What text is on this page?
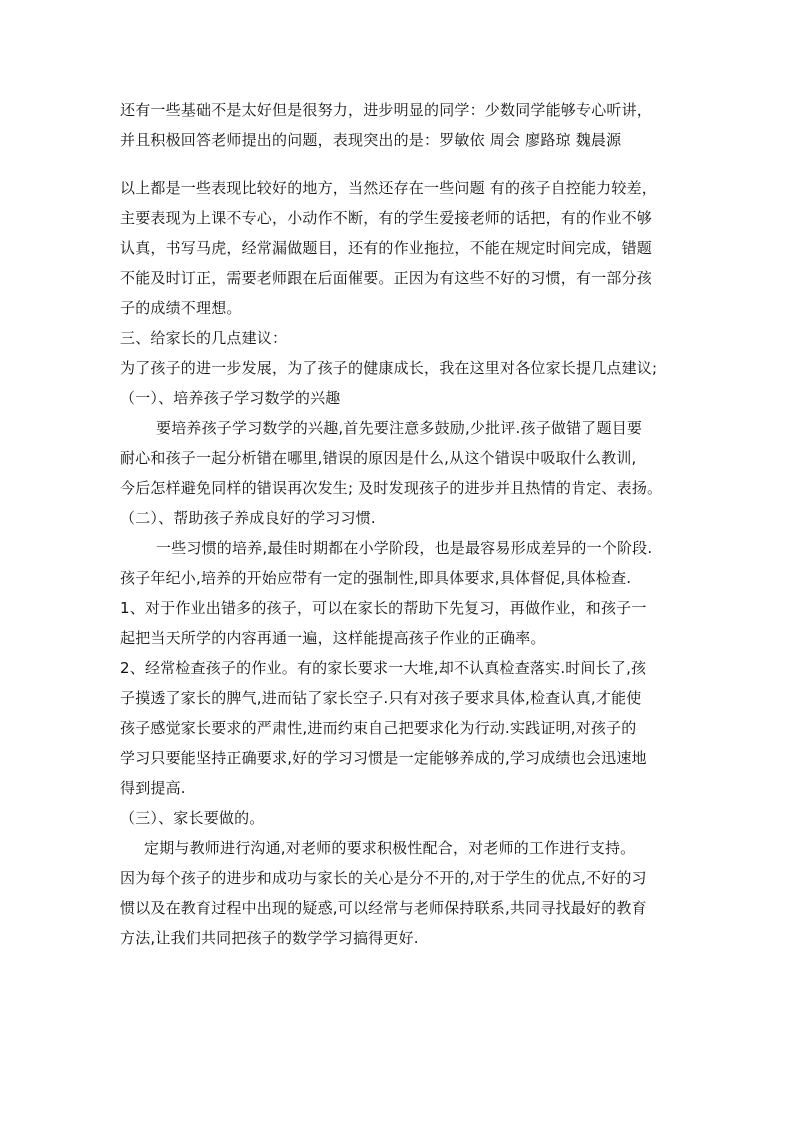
还有一些基础不是太好但是很努力，进步明显的同学：少数同学能够专心听讲，
并且积极回答老师提出的问题，表现突出的是：罗敏依 周会 廖路琼 魏晨源
以上都是一些表现比较好的地方，当然还存在一些问题 有的孩子自控能力较差，
主要表现为上课不专心，小动作不断，有的学生爱接老师的话把，有的作业不够
认真，书写马虎，经常漏做题目，还有的作业拖拉，不能在规定时间完成，错题
不能及时订正，需要老师跟在后面催要。正因为有这些不好的习惯，有一部分孩
子的成绩不理想。
三、给家长的几点建议：
为了孩子的进一步发展，为了孩子的健康成长，我在这里对各位家长提几点建议;
（一）、培养孩子学习数学的兴趣
要培养孩子学习数学的兴趣,首先要注意多鼓励,少批评.孩子做错了题目要
耐心和孩子一起分析错在哪里,错误的原因是什么,从这个错误中吸取什么教训,
今后怎样避免同样的错误再次发生; 及时发现孩子的进步并且热情的肯定、表扬。
（二）、帮助孩子养成良好的学习习惯.
一些习惯的培养,最佳时期都在小学阶段，也是最容易形成差异的一个阶段.
孩子年纪小,培养的开始应带有一定的强制性,即具体要求,具体督促,具体检查.
1、对于作业出错多的孩子，可以在家长的帮助下先复习，再做作业，和孩子一
起把当天所学的内容再通一遍，这样能提高孩子作业的正确率。
2、经常检查孩子的作业。有的家长要求一大堆,却不认真检查落实.时间长了,孩
子摸透了家长的脾气,进而钻了家长空子.只有对孩子要求具体,检查认真,才能使
孩子感觉家长要求的严肃性,进而约束自己把要求化为行动.实践证明,对孩子的
学习只要能坚持正确要求,好的学习习惯是一定能够养成的,学习成绩也会迅速地
得到提高.
（三）、家长要做的。
定期与教师进行沟通,对老师的要求积极性配合，对老师的工作进行支持。
因为每个孩子的进步和成功与家长的关心是分不开的,对于学生的优点,不好的习
惯以及在教育过程中出现的疑惑,可以经常与老师保持联系,共同寻找最好的教育
方法,让我们共同把孩子的数学学习搞得更好.
